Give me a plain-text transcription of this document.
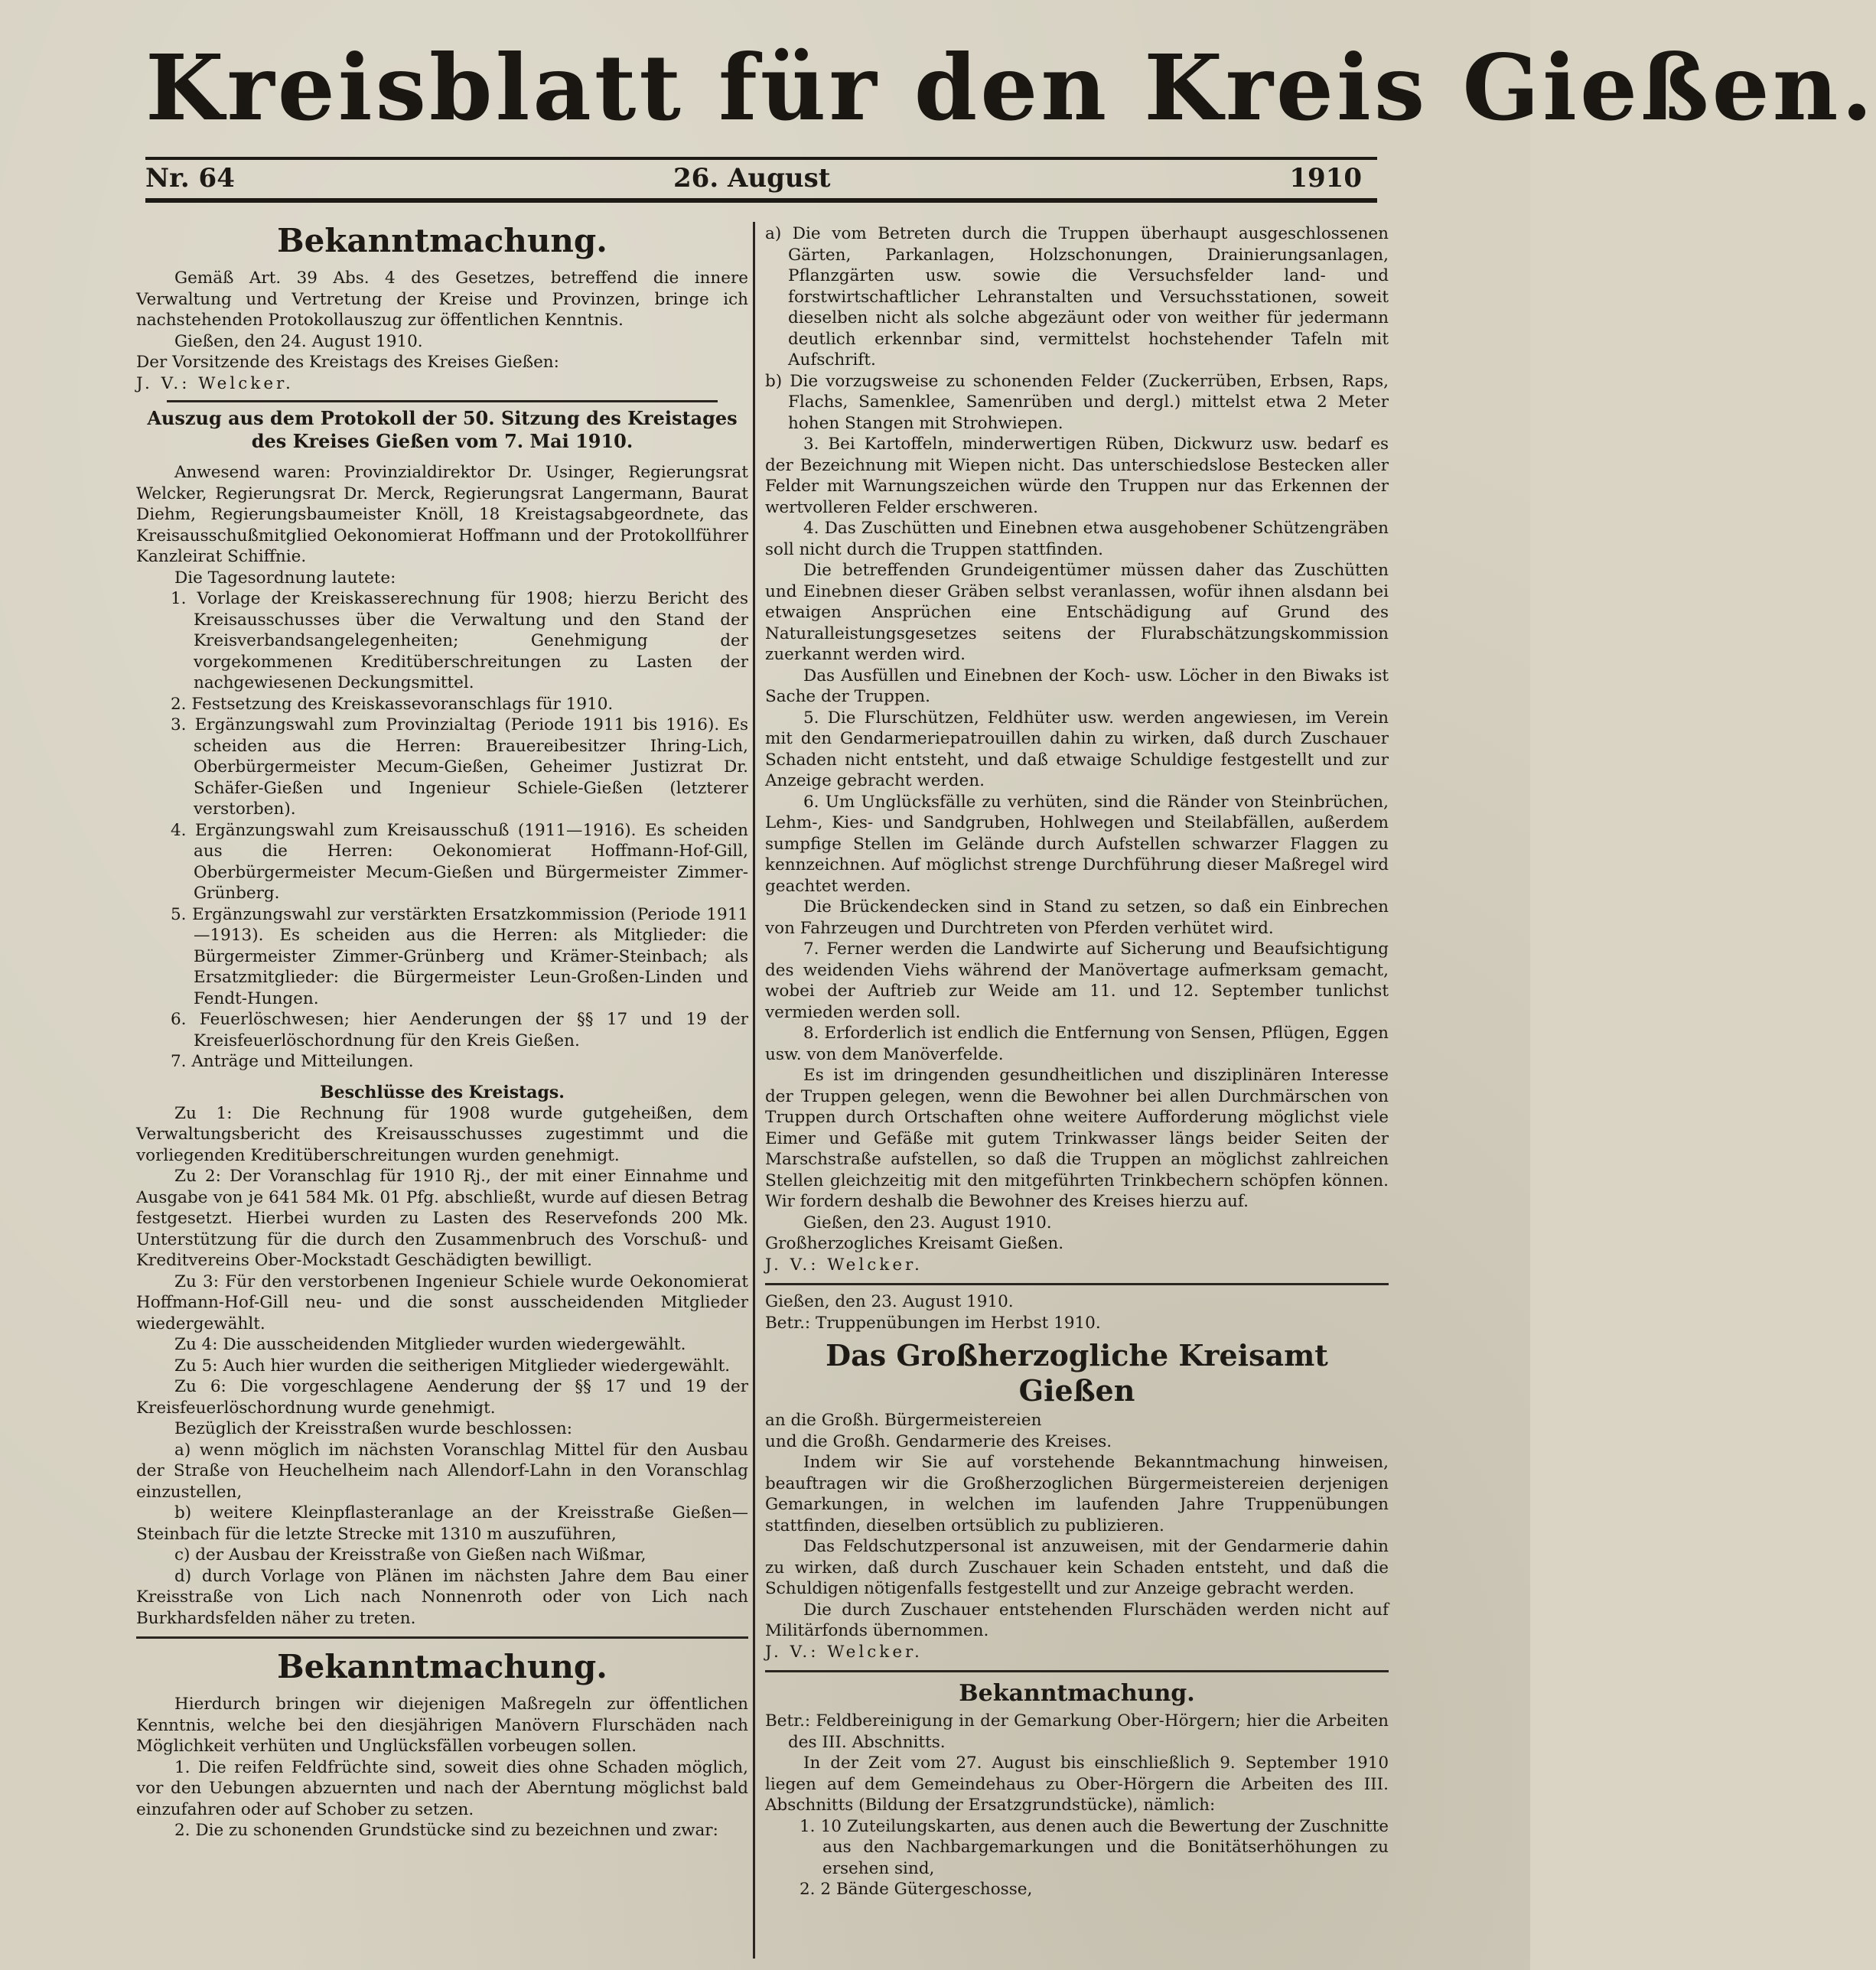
Kreisblatt für den Kreis Gießen.
Nr. 64	26. August	1910
Bekanntmachung.

Gemäß Art. 39 Abs. 4 des Gesetzes, betreffend die innere Verwaltung und Vertretung der Kreise und Provinzen, bringe ich nachstehenden Protokollauszug zur öffentlichen Kenntnis.

Gießen, den 24. August 1910.

Der Vorsitzende des Kreistags des Kreises Gießen:

J. V.: Welcker.

Auszug aus dem Protokoll der 50. Sitzung des Kreistages des Kreises Gießen vom 7. Mai 1910.

Anwesend waren: Provinzialdirektor Dr. Usinger, Regierungsrat Welcker, Regierungsrat Dr. Merck, Regierungsrat Langermann, Baurat Diehm, Regierungsbaumeister Knöll, 18 Kreistagsabgeordnete, das Kreisausschußmitglied Oekonomierat Hoffmann und der Protokollführer Kanzleirat Schiffnie.

Die Tagesordnung lautete:

1. Vorlage der Kreiskasserechnung für 1908; hierzu Bericht des Kreisausschusses über die Verwaltung und den Stand der Kreisverbandsangelegenheiten; Genehmigung der vorgekommenen Kreditüberschreitungen zu Lasten der nachgewiesenen Deckungsmittel.

2. Festsetzung des Kreiskassevoranschlags für 1910.

3. Ergänzungswahl zum Provinzialtag (Periode 1911 bis 1916). Es scheiden aus die Herren: Brauereibesitzer Ihring-Lich, Oberbürgermeister Mecum-Gießen, Geheimer Justizrat Dr. Schäfer-Gießen und Ingenieur Schiele-Gießen (letzterer verstorben).

4. Ergänzungswahl zum Kreisausschuß (1911—1916). Es scheiden aus die Herren: Oekonomierat Hoffmann-Hof-Gill, Oberbürgermeister Mecum-Gießen und Bürgermeister Zimmer-Grünberg.

5. Ergänzungswahl zur verstärkten Ersatzkommission (Periode 1911—1913). Es scheiden aus die Herren: als Mitglieder: die Bürgermeister Zimmer-Grünberg und Krämer-Steinbach; als Ersatzmitglieder: die Bürgermeister Leun-Großen-Linden und Fendt-Hungen.

6. Feuerlöschwesen; hier Aenderungen der §§ 17 und 19 der Kreisfeuerlöschordnung für den Kreis Gießen.

7. Anträge und Mitteilungen.

Beschlüsse des Kreistags.

Zu 1: Die Rechnung für 1908 wurde gutgeheißen, dem Verwaltungsbericht des Kreisausschusses zugestimmt und die vorliegenden Kreditüberschreitungen wurden genehmigt.

Zu 2: Der Voranschlag für 1910 Rj., der mit einer Einnahme und Ausgabe von je 641 584 Mk. 01 Pfg. abschließt, wurde auf diesen Betrag festgesetzt. Hierbei wurden zu Lasten des Reservefonds 200 Mk. Unterstützung für die durch den Zusammenbruch des Vorschuß- und Kreditvereins Ober-Mockstadt Geschädigten bewilligt.

Zu 3: Für den verstorbenen Ingenieur Schiele wurde Oekonomierat Hoffmann-Hof-Gill neu- und die sonst ausscheidenden Mitglieder wiedergewählt.

Zu 4: Die ausscheidenden Mitglieder wurden wiedergewählt.

Zu 5: Auch hier wurden die seitherigen Mitglieder wiedergewählt.

Zu 6: Die vorgeschlagene Aenderung der §§ 17 und 19 der Kreisfeuerlöschordnung wurde genehmigt.

Bezüglich der Kreisstraßen wurde beschlossen:

a) wenn möglich im nächsten Voranschlag Mittel für den Ausbau der Straße von Heuchelheim nach Allendorf-Lahn in den Voranschlag einzustellen,

b) weitere Kleinpflasteranlage an der Kreisstraße Gießen—Steinbach für die letzte Strecke mit 1310 m auszuführen,

c) der Ausbau der Kreisstraße von Gießen nach Wißmar,

d) durch Vorlage von Plänen im nächsten Jahre dem Bau einer Kreisstraße von Lich nach Nonnenroth oder von Lich nach Burkhardsfelden näher zu treten.

Bekanntmachung.

Hierdurch bringen wir diejenigen Maßregeln zur öffentlichen Kenntnis, welche bei den diesjährigen Manövern Flurschäden nach Möglichkeit verhüten und Unglücksfällen vorbeugen sollen.

1. Die reifen Feldfrüchte sind, soweit dies ohne Schaden möglich, vor den Uebungen abzuernten und nach der Aberntung möglichst bald einzufahren oder auf Schober zu setzen.

2. Die zu schonenden Grundstücke sind zu bezeichnen und zwar:

a) Die vom Betreten durch die Truppen überhaupt ausgeschlossenen Gärten, Parkanlagen, Holzschonungen, Drainierungsanlagen, Pflanzgärten usw. sowie die Versuchsfelder land- und forstwirtschaftlicher Lehranstalten und Versuchsstationen, soweit dieselben nicht als solche abgezäunt oder von weither für jedermann deutlich erkennbar sind, vermittelst hochstehender Tafeln mit Aufschrift.

b) Die vorzugsweise zu schonenden Felder (Zuckerrüben, Erbsen, Raps, Flachs, Samenklee, Samenrüben und dergl.) mittelst etwa 2 Meter hohen Stangen mit Strohwiepen.

3. Bei Kartoffeln, minderwertigen Rüben, Dickwurz usw. bedarf es der Bezeichnung mit Wiepen nicht. Das unterschiedslose Bestecken aller Felder mit Warnungszeichen würde den Truppen nur das Erkennen der wertvolleren Felder erschweren.

4. Das Zuschütten und Einebnen etwa ausgehobener Schützengräben soll nicht durch die Truppen stattfinden.

Die betreffenden Grundeigentümer müssen daher das Zuschütten und Einebnen dieser Gräben selbst veranlassen, wofür ihnen alsdann bei etwaigen Ansprüchen eine Entschädigung auf Grund des Naturalleistungsgesetzes seitens der Flurabschätzungskommission zuerkannt werden wird.

Das Ausfüllen und Einebnen der Koch- usw. Löcher in den Biwaks ist Sache der Truppen.

5. Die Flurschützen, Feldhüter usw. werden angewiesen, im Verein mit den Gendarmeriepatrouillen dahin zu wirken, daß durch Zuschauer Schaden nicht entsteht, und daß etwaige Schuldige festgestellt und zur Anzeige gebracht werden.

6. Um Unglücksfälle zu verhüten, sind die Ränder von Steinbrüchen, Lehm-, Kies- und Sandgruben, Hohlwegen und Steilabfällen, außerdem sumpfige Stellen im Gelände durch Aufstellen schwarzer Flaggen zu kennzeichnen. Auf möglichst strenge Durchführung dieser Maßregel wird geachtet werden.

Die Brückendecken sind in Stand zu setzen, so daß ein Einbrechen von Fahrzeugen und Durchtreten von Pferden verhütet wird.

7. Ferner werden die Landwirte auf Sicherung und Beaufsichtigung des weidenden Viehs während der Manövertage aufmerksam gemacht, wobei der Auftrieb zur Weide am 11. und 12. September tunlichst vermieden werden soll.

8. Erforderlich ist endlich die Entfernung von Sensen, Pflügen, Eggen usw. von dem Manöverfelde.

Es ist im dringenden gesundheitlichen und disziplinären Interesse der Truppen gelegen, wenn die Bewohner bei allen Durchmärschen von Truppen durch Ortschaften ohne weitere Aufforderung möglichst viele Eimer und Gefäße mit gutem Trinkwasser längs beider Seiten der Marschstraße aufstellen, so daß die Truppen an möglichst zahlreichen Stellen gleichzeitig mit den mitgeführten Trinkbechern schöpfen können. Wir fordern deshalb die Bewohner des Kreises hierzu auf.

Gießen, den 23. August 1910.

Großherzogliches Kreisamt Gießen.

J. V.: Welcker.

Gießen, den 23. August 1910.

Betr.: Truppenübungen im Herbst 1910.

Das Großherzogliche Kreisamt Gießen

an die Großh. Bürgermeistereien

und die Großh. Gendarmerie des Kreises.

Indem wir Sie auf vorstehende Bekanntmachung hinweisen, beauftragen wir die Großherzoglichen Bürgermeistereien derjenigen Gemarkungen, in welchen im laufenden Jahre Truppenübungen stattfinden, dieselben ortsüblich zu publizieren.

Das Feldschutzpersonal ist anzuweisen, mit der Gendarmerie dahin zu wirken, daß durch Zuschauer kein Schaden entsteht, und daß die Schuldigen nötigenfalls festgestellt und zur Anzeige gebracht werden.

Die durch Zuschauer entstehenden Flurschäden werden nicht auf Militärfonds übernommen.

J. V.: Welcker.

Bekanntmachung.

Betr.: Feldbereinigung in der Gemarkung Ober-Hörgern; hier die Arbeiten des III. Abschnitts.

In der Zeit vom 27. August bis einschließlich 9. September 1910 liegen auf dem Gemeindehaus zu Ober-Hörgern die Arbeiten des III. Abschnitts (Bildung der Ersatzgrundstücke), nämlich:

1. 10 Zuteilungskarten, aus denen auch die Bewertung der Zuschnitte aus den Nachbargemarkungen und die Bonitätserhöhungen zu ersehen sind,

2. 2 Bände Gütergeschosse,
